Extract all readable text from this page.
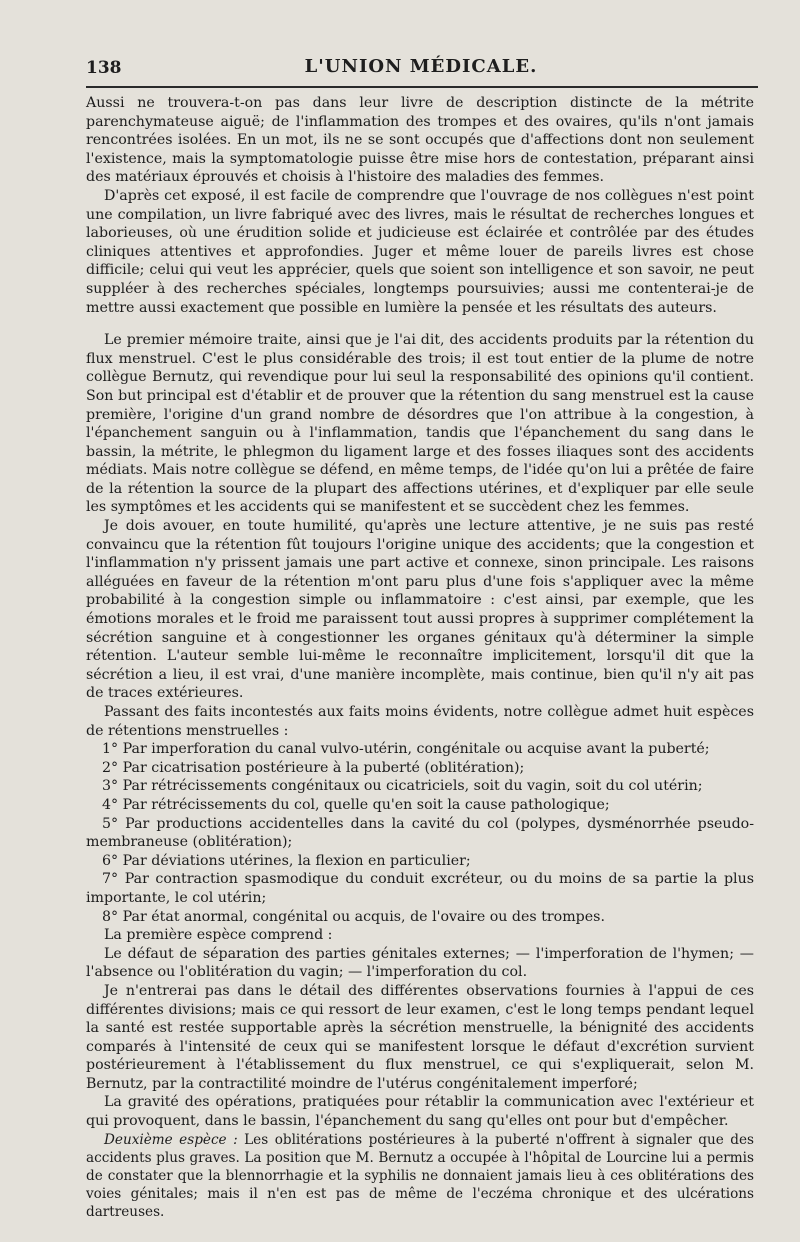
138	L'UNION MÉDICALE.

Aussi ne trouvera-t-on pas dans leur livre de description distincte de la métrite parenchymateuse aiguë; de l'inflammation des trompes et des ovaires, qu'ils n'ont jamais rencontrées isolées. En un mot, ils ne se sont occupés que d'affections dont non seulement l'existence, mais la symptomatologie puisse être mise hors de contestation, préparant ainsi des matériaux éprouvés et choisis à l'histoire des maladies des femmes.

D'après cet exposé, il est facile de comprendre que l'ouvrage de nos collègues n'est point une compilation, un livre fabriqué avec des livres, mais le résultat de recherches longues et laborieuses, où une érudition solide et judicieuse est éclairée et contrôlée par des études cliniques attentives et approfondies. Juger et même louer de pareils livres est chose difficile; celui qui veut les apprécier, quels que soient son intelligence et son savoir, ne peut suppléer à des recherches spéciales, longtemps poursuivies; aussi me contenterai-je de mettre aussi exactement que possible en lumière la pensée et les résultats des auteurs.

Le premier mémoire traite, ainsi que je l'ai dit, des accidents produits par la rétention du flux menstruel. C'est le plus considérable des trois; il est tout entier de la plume de notre collègue Bernutz, qui revendique pour lui seul la responsabilité des opinions qu'il contient. Son but principal est d'établir et de prouver que la rétention du sang menstruel est la cause première, l'origine d'un grand nombre de désordres que l'on attribue à la congestion, à l'épanchement sanguin ou à l'inflammation, tandis que l'épanchement du sang dans le bassin, la métrite, le phlegmon du ligament large et des fosses iliaques sont des accidents médiats. Mais notre collègue se défend, en même temps, de l'idée qu'on lui a prêtée de faire de la rétention la source de la plupart des affections utérines, et d'expliquer par elle seule les symptômes et les accidents qui se manifestent et se succèdent chez les femmes.

Je dois avouer, en toute humilité, qu'après une lecture attentive, je ne suis pas resté convaincu que la rétention fût toujours l'origine unique des accidents; que la congestion et l'inflammation n'y prissent jamais une part active et connexe, sinon principale. Les raisons alléguées en faveur de la rétention m'ont paru plus d'une fois s'appliquer avec la même probabilité à la congestion simple ou inflammatoire : c'est ainsi, par exemple, que les émotions morales et le froid me paraissent tout aussi propres à supprimer complétement la sécrétion sanguine et à congestionner les organes génitaux qu'à déterminer la simple rétention. L'auteur semble lui-même le reconnaître implicitement, lorsqu'il dit que la sécrétion a lieu, il est vrai, d'une manière incomplète, mais continue, bien qu'il n'y ait pas de traces extérieures.

Passant des faits incontestés aux faits moins évidents, notre collègue admet huit espèces de rétentions menstruelles :

1° Par imperforation du canal vulvo-utérin, congénitale ou acquise avant la puberté;
2° Par cicatrisation postérieure à la puberté (oblitération);
3° Par rétrécissements congénitaux ou cicatriciels, soit du vagin, soit du col utérin;
4° Par rétrécissements du col, quelle qu'en soit la cause pathologique;
5° Par productions accidentelles dans la cavité du col (polypes, dysménorrhée pseudo-membraneuse (oblitération);
6° Par déviations utérines, la flexion en particulier;
7° Par contraction spasmodique du conduit excréteur, ou du moins de sa partie la plus importante, le col utérin;
8° Par état anormal, congénital ou acquis, de l'ovaire ou des trompes.

La première espèce comprend :

Le défaut de séparation des parties génitales externes; — l'imperforation de l'hymen; — l'absence ou l'oblitération du vagin; — l'imperforation du col.

Je n'entrerai pas dans le détail des différentes observations fournies à l'appui de ces différentes divisions; mais ce qui ressort de leur examen, c'est le long temps pendant lequel la santé est restée supportable après la sécrétion menstruelle, la bénignité des accidents comparés à l'intensité de ceux qui se manifestent lorsque le défaut d'excrétion survient postérieurement à l'établissement du flux menstruel, ce qui s'expliquerait, selon M. Bernutz, par la contractilité moindre de l'utérus congénitalement imperforé;

La gravité des opérations, pratiquées pour rétablir la communication avec l'extérieur et qui provoquent, dans le bassin, l'épanchement du sang qu'elles ont pour but d'empêcher.

Deuxième espèce : Les oblitérations postérieures à la puberté n'offrent à signaler que des accidents plus graves. La position que M. Bernutz a occupée à l'hôpital de Lourcine lui a permis de constater que la blennorrhagie et la syphilis ne donnaient jamais lieu à ces oblitérations des voies génitales; mais il n'en est pas de même de l'eczéma chronique et des ulcérations dartreuses.
